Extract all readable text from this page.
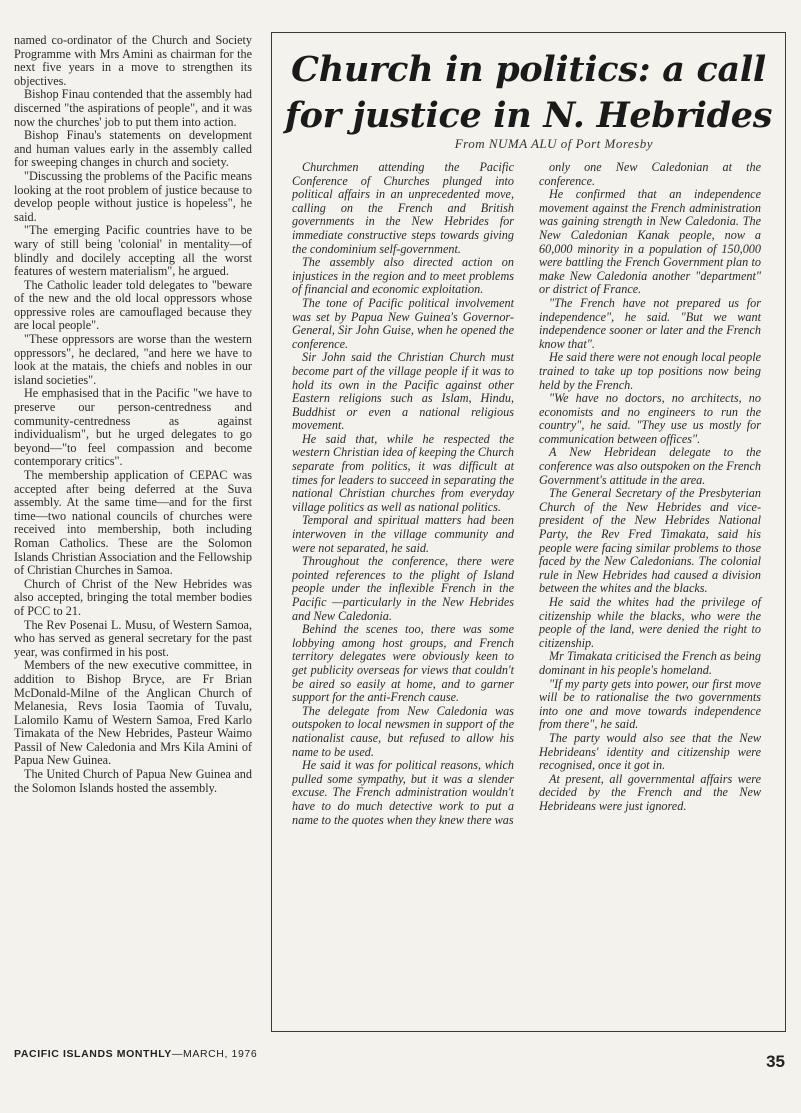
named co-ordinator of the Church and Society Programme with Mrs Amini as chairman for the next five years in a move to strengthen its objectives.

Bishop Finau contended that the assembly had discerned "the aspirations of people", and it was now the churches' job to put them into action.

Bishop Finau's statements on development and human values early in the assembly called for sweeping changes in church and society.

"Discussing the problems of the Pacific means looking at the root problem of justice because to develop people without justice is hopeless", he said.

"The emerging Pacific countries have to be wary of still being 'colonial' in mentality—of blindly and docilely accepting all the worst features of western materialism", he argued.

The Catholic leader told delegates to "beware of the new and the old local oppressors whose oppressive roles are camouflaged because they are local people".

"These oppressors are worse than the western oppressors", he declared, "and here we have to look at the matais, the chiefs and nobles in our island societies".

He emphasised that in the Pacific "we have to preserve our person-centredness and community-centredness as against individualism", but he urged delegates to go beyond—"to feel compassion and become contemporary critics".

The membership application of CEPAC was accepted after being deferred at the Suva assembly. At the same time—and for the first time—two national councils of churches were received into membership, both including Roman Catholics. These are the Solomon Islands Christian Association and the Fellowship of Christian Churches in Samoa.

Church of Christ of the New Hebrides was also accepted, bringing the total member bodies of PCC to 21.

The Rev Posenai L. Musu, of Western Samoa, who has served as general secretary for the past year, was confirmed in his post.

Members of the new executive committee, in addition to Bishop Bryce, are Fr Brian McDonald-Milne of the Anglican Church of Melanesia, Revs Iosia Taomia of Tuvalu, Lalomilo Kamu of Western Samoa, Fred Karlo Timakata of the New Hebrides, Pasteur Waimo Passil of New Caledonia and Mrs Kila Amini of Papua New Guinea.

The United Church of Papua New Guinea and the Solomon Islands hosted the assembly.

Church in politics: a call
for justice in N. Hebrides
From NUMA ALU of Port Moresby

Churchmen attending the Pacific Conference of Churches plunged into political affairs in an unprecedented move, calling on the French and British governments in the New Hebrides for immediate constructive steps towards giving the condominium self-government.

The assembly also directed action on injustices in the region and to meet problems of financial and economic exploitation.

The tone of Pacific political involvement was set by Papua New Guinea's Governor-General, Sir John Guise, when he opened the conference.

Sir John said the Christian Church must become part of the village people if it was to hold its own in the Pacific against other Eastern religions such as Islam, Hindu, Buddhist or even a national religious movement.

He said that, while he respected the western Christian idea of keeping the Church separate from politics, it was difficult at times for leaders to succeed in separating the national Christian churches from everyday village politics as well as national politics.

Temporal and spiritual matters had been interwoven in the village community and were not separated, he said.

Throughout the conference, there were pointed references to the plight of Island people under the inflexible French in the Pacific —particularly in the New Hebrides and New Caledonia.

Behind the scenes too, there was some lobbying among host groups, and French territory delegates were obviously keen to get publicity overseas for views that couldn't be aired so easily at home, and to garner support for the anti-French cause.

The delegate from New Caledonia was outspoken to local newsmen in support of the nationalist cause, but refused to allow his name to be used.

He said it was for political reasons, which pulled some sympathy, but it was a slender excuse. The French administration wouldn't have to do much detective work to put a name to the quotes when they knew there was

only one New Caledonian at the conference.

He confirmed that an independence movement against the French administration was gaining strength in New Caledonia. The New Caledonian Kanak people, now a 60,000 minority in a population of 150,000 were battling the French Government plan to make New Caledonia another "department" or district of France.

"The French have not prepared us for independence", he said. "But we want independence sooner or later and the French know that".

He said there were not enough local people trained to take up top positions now being held by the French.

"We have no doctors, no architects, no economists and no engineers to run the country", he said. "They use us mostly for communication between offices".

A New Hebridean delegate to the conference was also outspoken on the French Government's attitude in the area.

The General Secretary of the Presbyterian Church of the New Hebrides and vice-president of the New Hebrides National Party, the Rev Fred Timakata, said his people were facing similar problems to those faced by the New Caledonians. The colonial rule in New Hebrides had caused a division between the whites and the blacks.

He said the whites had the privilege of citizenship while the blacks, who were the people of the land, were denied the right to citizenship.

Mr Timakata criticised the French as being dominant in his people's homeland.

"If my party gets into power, our first move will be to rationalise the two governments into one and move towards independence from there", he said.

The party would also see that the New Hebrideans' identity and citizenship were recognised, once it got in.

At present, all governmental affairs were decided by the French and the New Hebrideans were just ignored.

PACIFIC ISLANDS MONTHLY—MARCH, 1976	35
